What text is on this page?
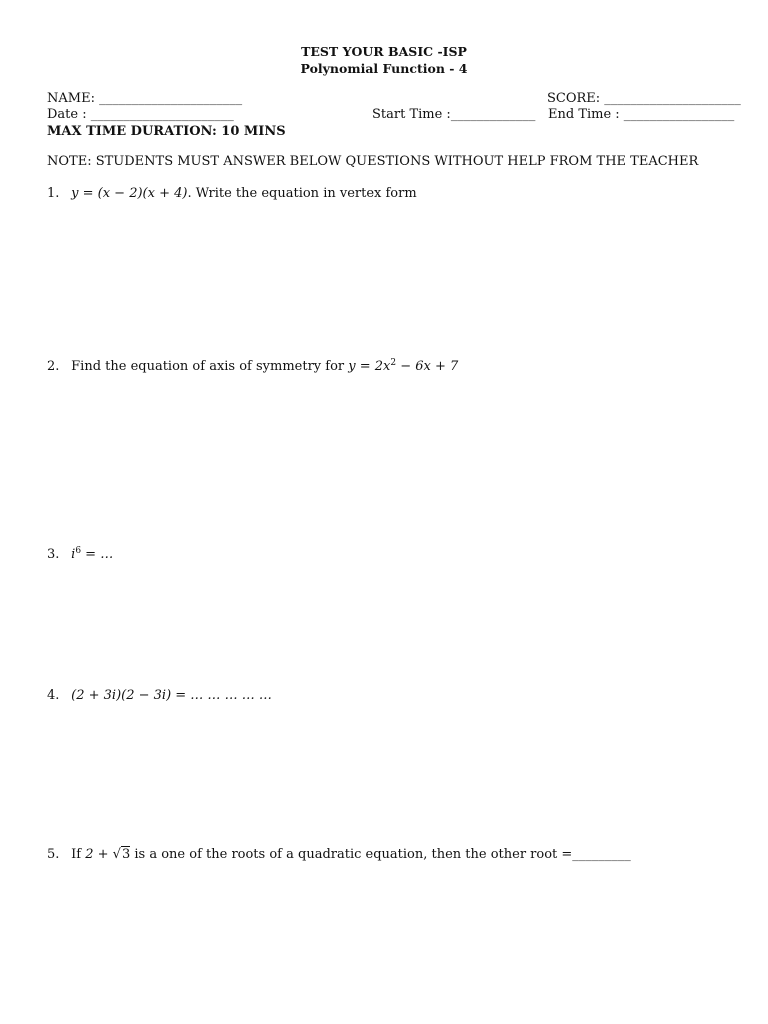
TEST YOUR BASIC -ISP
Polynomial Function - 4
NAME: ______________________	SCORE: _____________________
Date : ______________________	Start Time :_____________ End Time : _________________
MAX TIME DURATION: 10 MINS
NOTE: STUDENTS MUST ANSWER BELOW QUESTIONS WITHOUT HELP FROM THE TEACHER
1. y = (x − 2)(x + 4). Write the equation in vertex form
2. Find the equation of axis of symmetry for $y = 2x^2 - 6x + 7$
3. $i^6$ = …
4. (2 + 3i)(2 − 3i) = … … … … …
5. If 2 + √3 is a one of the roots of a quadratic equation, then the other root =_________
